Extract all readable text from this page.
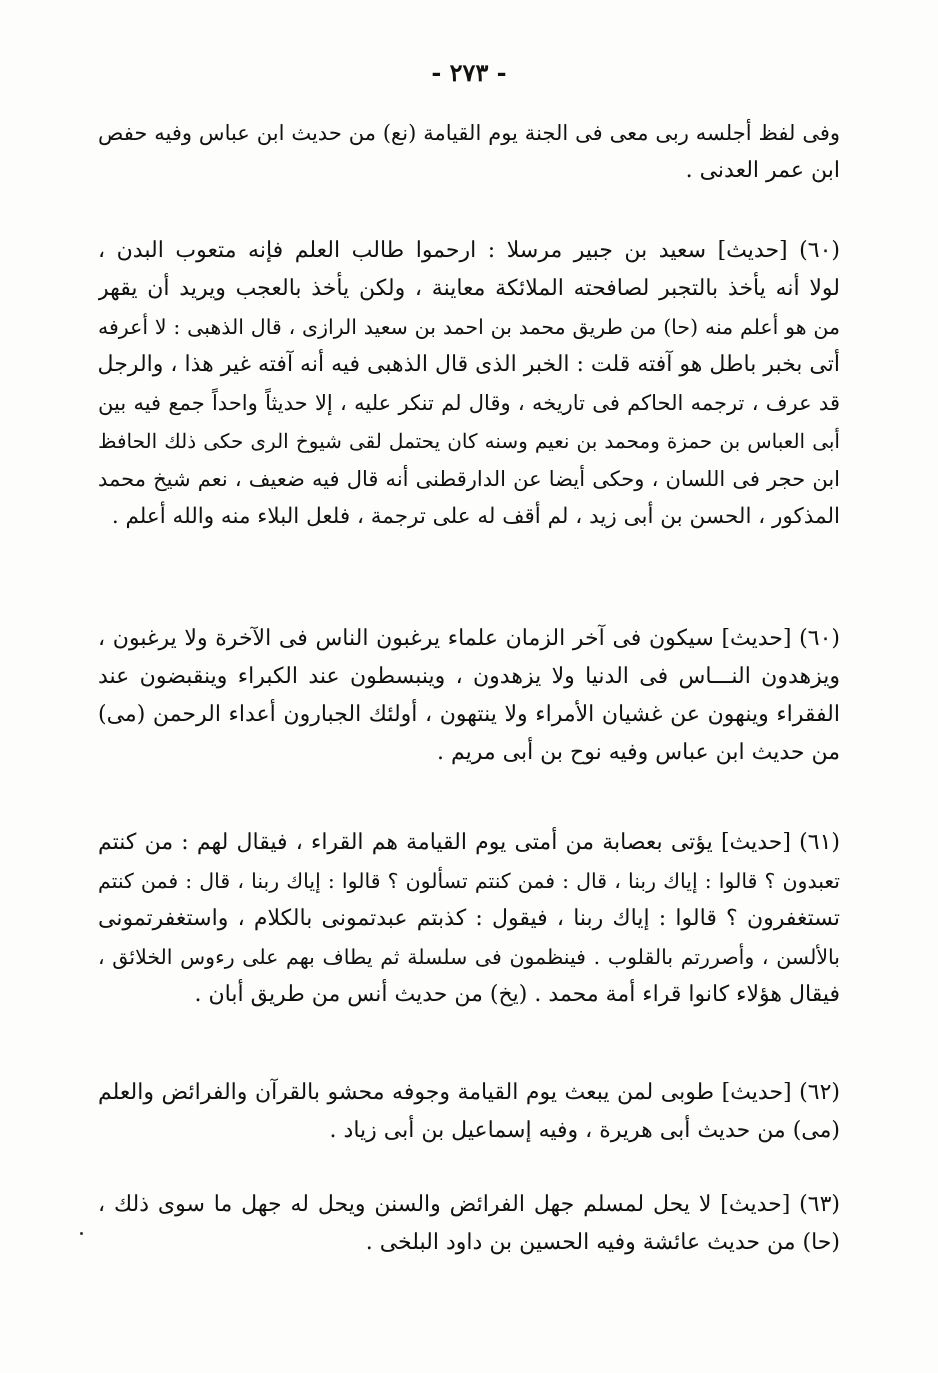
- ٢٧٣ -
وفى لفظ أجلسه ربى معى فى الجنة يوم القيامة (نع) من حديث ابن عباس وفيه حفص
ابن عمر العدنى .
(٦٠) [حديث] سعيد بن جبير مرسلا : ارحموا طالب العلم فإنه متعوب البدن ،
لولا أنه يأخذ بالتجبر لصافحته الملائكة معاينة ، ولكن يأخذ بالعجب ويريد أن يقهر
من هو أعلم منه (حا) من طريق محمد بن احمد بن سعيد الرازى ، قال الذهبى : لا أعرفه
أتى بخبر باطل هو آفته قلت : الخبر الذى قال الذهبى فيه أنه آفته غير هذا ، والرجل
قد عرف ، ترجمه الحاكم فى تاريخه ، وقال لم تنكر عليه ، إلا حديثاً واحداً جمع فيه بين
أبى العباس بن حمزة ومحمد بن نعيم وسنه كان يحتمل لقى شيوخ الرى حكى ذلك الحافظ
ابن حجر فى اللسان ، وحكى أيضا عن الدارقطنى أنه قال فيه ضعيف ، نعم شيخ محمد
المذكور ، الحسن بن أبى زيد ، لم أقف له على ترجمة ، فلعل البلاء منه والله أعلم .
(٦٠) [حديث] سيكون فى آخر الزمان علماء يرغبون الناس فى الآخرة ولا يرغبون ،
ويزهدون النـــاس فى الدنيا ولا يزهدون ، وينبسطون عند الكبراء وينقبضون عند
الفقراء وينهون عن غشيان الأمراء ولا ينتهون ، أولئك الجبارون أعداء الرحمن (مى)
من حديث ابن عباس وفيه نوح بن أبى مريم .
(٦١) [حديث] يؤتى بعصابة من أمتى يوم القيامة هم القراء ، فيقال لهم : من كنتم
تعبدون ؟ قالوا : إياك ربنا ، قال : فمن كنتم تسألون ؟ قالوا : إياك ربنا ، قال : فمن كنتم
تستغفرون ؟ قالوا : إياك ربنا ، فيقول : كذبتم عبدتمونى بالكلام ، واستغفرتمونى
بالألسن ، وأصررتم بالقلوب . فينظمون فى سلسلة ثم يطاف بهم على رءوس الخلائق ،
فيقال هؤلاء كانوا قراء أمة محمد . (يخ) من حديث أنس من طريق أبان .
(٦٢) [حديث] طوبى لمن يبعث يوم القيامة وجوفه محشو بالقرآن والفرائض والعلم
(مى) من حديث أبى هريرة ، وفيه إسماعيل بن أبى زياد .
(٦٣) [حديث] لا يحل لمسلم جهل الفرائض والسنن ويحل له جهل ما سوى ذلك ،
(حا) من حديث عائشة وفيه الحسين بن داود البلخى .
